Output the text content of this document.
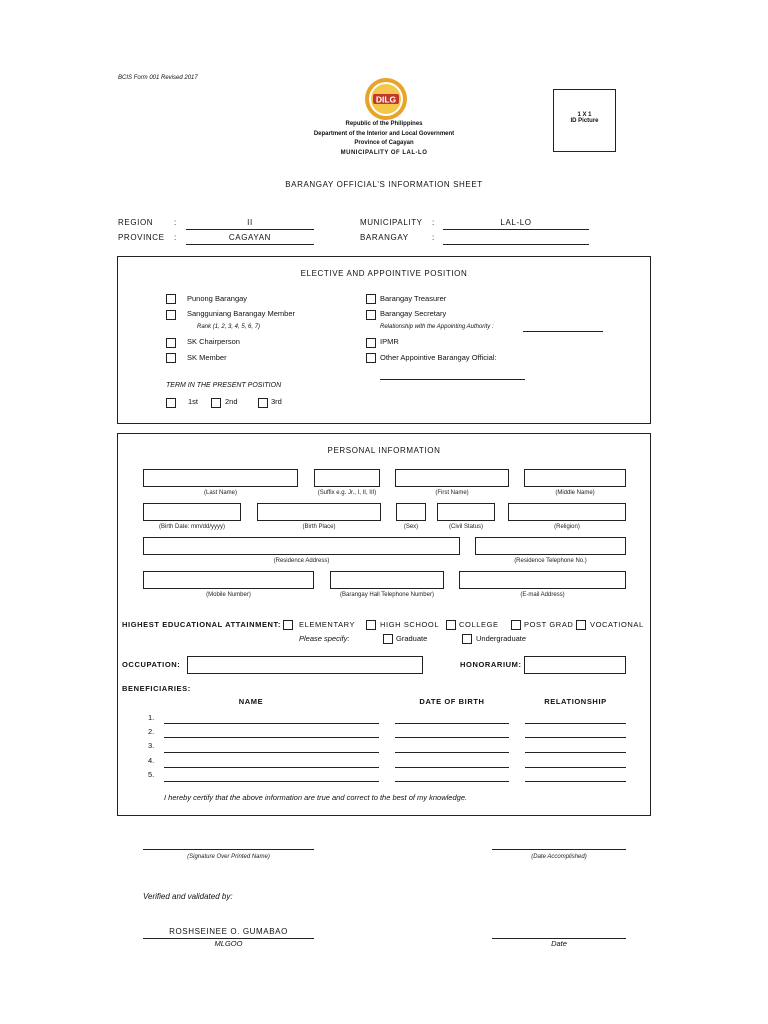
BCIS Form 001 Revised 2017
DILG
Republic of the Philippines
Department of the Interior and Local Government
Province of Cagayan
MUNICIPALITY OF LAL-LO
1 X 1
ID Picture
BARANGAY OFFICIAL'S INFORMATION SHEET
REGION	:	II
PROVINCE :	CAGAYAN
MUNICIPALITY :	LAL-LO
BARANGAY	:
ELECTIVE AND APPOINTIVE POSITION
Punong Barangay
Sangguniang Barangay Member
Rank (1, 2, 3, 4, 5, 6, 7)
SK Chairperson
SK Member
Barangay Treasurer
Barangay Secretary
Relationship with the Appointing Authority :
IPMR
Other Appointive Barangay Official:
TERM IN THE PRESENT POSITION
1st	2nd	3rd
PERSONAL INFORMATION
(Last Name)	(Suffix e.g. Jr., I, II, III)	(First Name)	(Middle Name)
(Birth Date: mm/dd/yyyy)	(Birth Place)	(Sex)	(Civil Status)	(Religion)
(Residence Address)	(Residence Telephone No.)
(Mobile Number)	(Barangay Hall Telephone Number)	(E-mail Address)
HIGHEST EDUCATIONAL ATTAINMENT: ELEMENTARY	HIGH SCHOOL	COLLEGE	POST GRAD VOCATIONAL
Please specify:	Graduate	Undergraduate
OCCUPATION:	HONORARIUM:
BENEFICIARIES:
NAME	DATE OF BIRTH	RELATIONSHIP
1.
2.
3.
4.
5.
I hereby certify that the above information are true and correct to the best of my knowledge.
(Signature Over Printed Name)	(Date Accomplished)
Verified and validated by:
ROSHSEINEE O. GUMABAO
MLGOO	Date
